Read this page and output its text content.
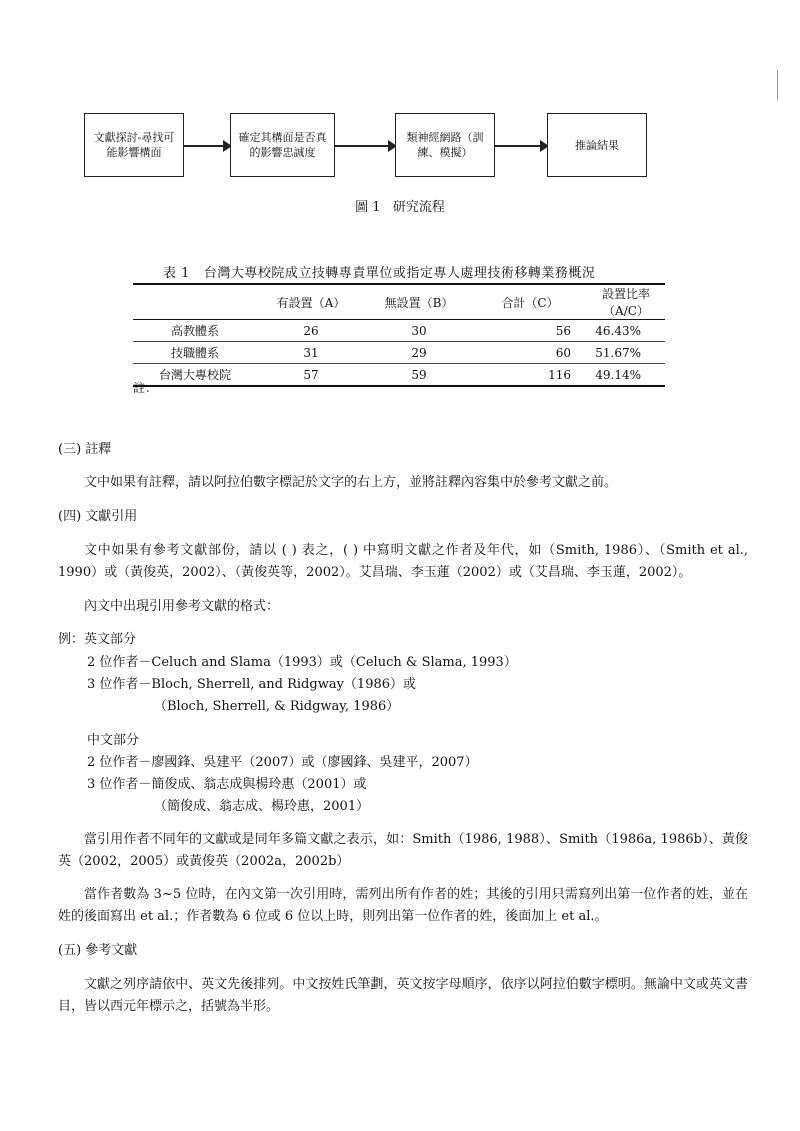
文獻探討-尋找可能影響構面
確定其構面是否真的影響忠誠度
類神經網路（訓練、模擬）
推論結果
圖 1 研究流程
表 1 台灣大專校院成立技轉專責單位或指定專人處理技術移轉業務概況
	有設置（A）	無設置（B）	合計（C）	設置比率（A/C）
高教體系	26	30	56	46.43%
技職體系	31	29	60	51.67%
台灣大專校院	57	59	116	49.14%
註：
(三) 註釋
文中如果有註釋，請以阿拉伯數字標記於文字的右上方，並將註釋內容集中於參考文獻之前。
(四) 文獻引用
文中如果有參考文獻部份，請以 ( ) 表之，( ) 中寫明文獻之作者及年代，如（Smith, 1986）、（Smith et al., 1990）或（黃俊英，2002）、（黃俊英等，2002）。艾昌瑞、李玉蓮（2002）或（艾昌瑞、李玉蓮，2002）。
內文中出現引用參考文獻的格式：
例：英文部分
2 位作者－Celuch and Slama（1993）或（Celuch & Slama, 1993）
3 位作者－Bloch, Sherrell, and Ridgway（1986）或
（Bloch, Sherrell, & Ridgway, 1986）
中文部分
2 位作者－廖國鋒、吳建平（2007）或（廖國鋒、吳建平，2007）
3 位作者－簡俊成、翁志成與楊玲惠（2001）或
（簡俊成、翁志成、楊玲惠，2001）
當引用作者不同年的文獻或是同年多篇文獻之表示，如：Smith（1986, 1988）、Smith（1986a, 1986b）、黃俊英（2002，2005）或黃俊英（2002a，2002b）
當作者數為 3~5 位時，在內文第一次引用時，需列出所有作者的姓；其後的引用只需寫列出第一位作者的姓，並在姓的後面寫出 et al.；作者數為 6 位或 6 位以上時，則列出第一位作者的姓，後面加上 et al.。
(五) 參考文獻
文獻之列序請依中、英文先後排列。中文按姓氏筆劃，英文按字母順序，依序以阿拉伯數字標明。無論中文或英文書目，皆以西元年標示之，括號為半形。
